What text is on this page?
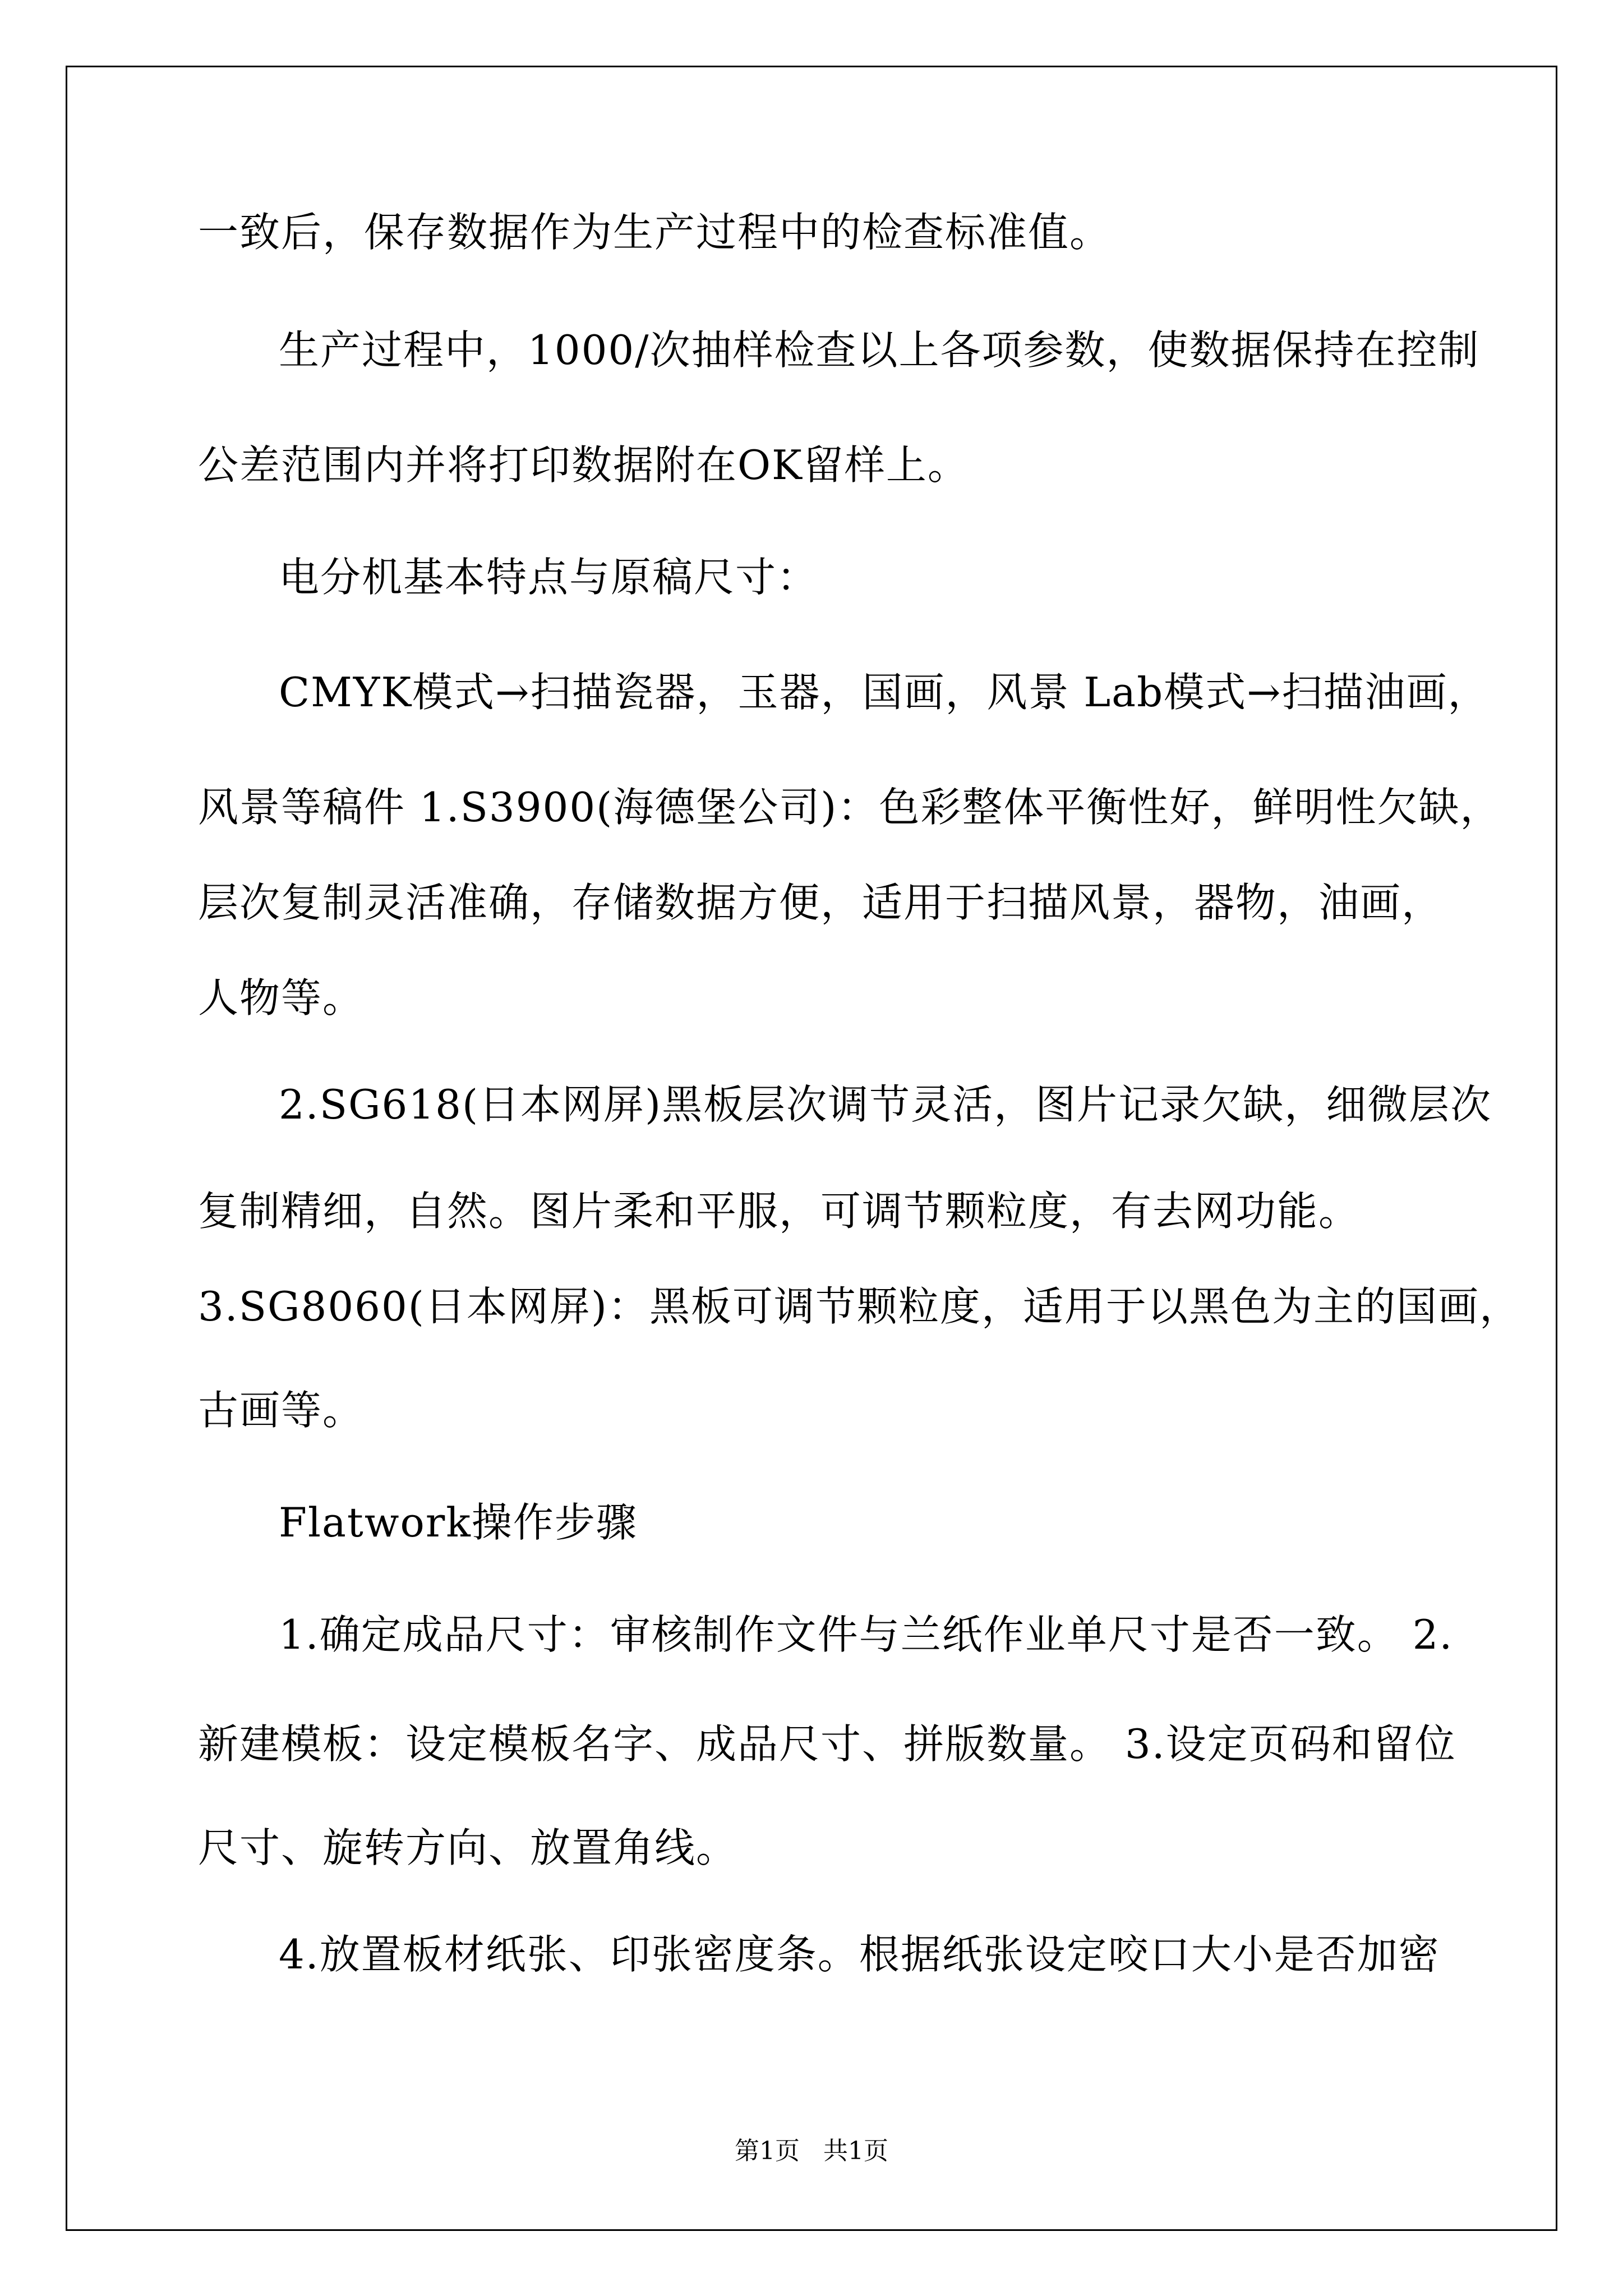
一致后，保存数据作为生产过程中的检查标准值。
生产过程中，1000/次抽样检查以上各项参数，使数据保持在控制
公差范围内并将打印数据附在OK留样上。
电分机基本特点与原稿尺寸：
CMYK模式→扫描瓷器，玉器，国画，风景 Lab模式→扫描油画，
风景等稿件 1.S3900(海德堡公司)：色彩整体平衡性好，鲜明性欠缺，
层次复制灵活准确，存储数据方便，适用于扫描风景，器物，油画，
人物等。
2.SG618(日本网屏)黑板层次调节灵活，图片记录欠缺，细微层次
复制精细，自然。图片柔和平服，可调节颗粒度，有去网功能。
3.SG8060(日本网屏)：黑板可调节颗粒度，适用于以黑色为主的国画，
古画等。
Flatwork操作步骤
1.确定成品尺寸：审核制作文件与兰纸作业单尺寸是否一致。 2.
新建模板：设定模板名字、成品尺寸、拼版数量。 3.设定页码和留位
尺寸、旋转方向、放置角线。
4.放置板材纸张、印张密度条。根据纸张设定咬口大小是否加密
第1页   共1页
